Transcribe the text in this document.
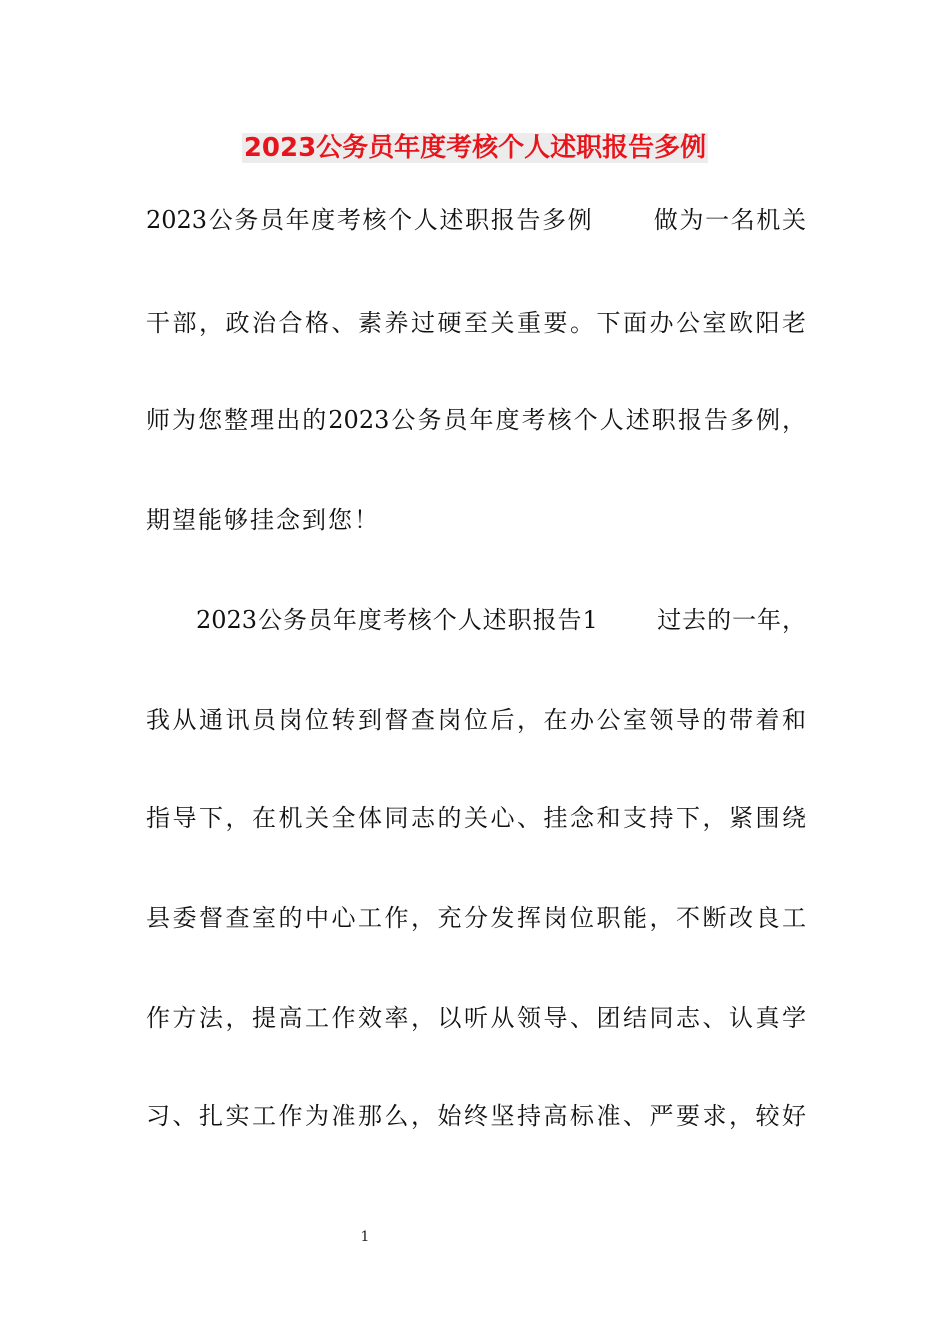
2023公务员年度考核个人述职报告多例
2023公务员年度考核个人述职报告多例　　 做为一名机关
干部，政治合格、素养过硬至关重要。下面办公室欧阳老
师为您整理出的2023公务员年度考核个人述职报告多例，
期望能够挂念到您！
2023公务员年度考核个人述职报告1　　 过去的一年，
我从通讯员岗位转到督查岗位后，在办公室领导的带着和
指导下，在机关全体同志的关心、挂念和支持下，紧围绕
县委督查室的中心工作，充分发挥岗位职能，不断改良工
作方法，提高工作效率，以听从领导、团结同志、认真学
习、扎实工作为准那么，始终坚持高标准、严要求，较好
1
